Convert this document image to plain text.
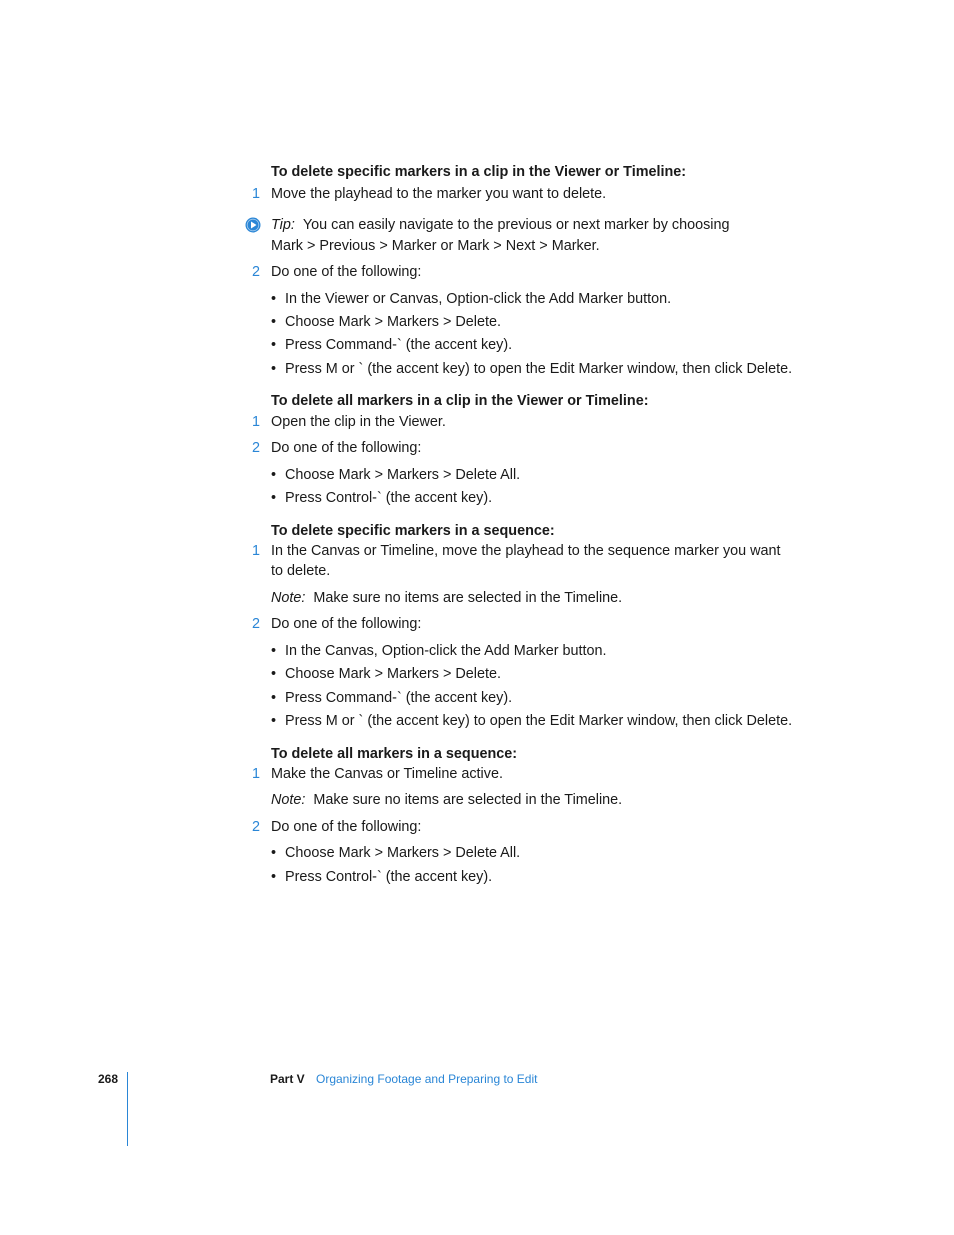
To delete specific markers in a clip in the Viewer or Timeline:
1 Move the playhead to the marker you want to delete.
Tip: You can easily navigate to the previous or next marker by choosing
Mark > Previous > Marker or Mark > Next > Marker.
2 Do one of the following:
• In the Viewer or Canvas, Option-click the Add Marker button.
• Choose Mark > Markers > Delete.
• Press Command-` (the accent key).
• Press M or ` (the accent key) to open the Edit Marker window, then click Delete.
To delete all markers in a clip in the Viewer or Timeline:
1 Open the clip in the Viewer.
2 Do one of the following:
• Choose Mark > Markers > Delete All.
• Press Control-` (the accent key).
To delete specific markers in a sequence:
1 In the Canvas or Timeline, move the playhead to the sequence marker you want
to delete.
Note: Make sure no items are selected in the Timeline.
2 Do one of the following:
• In the Canvas, Option-click the Add Marker button.
• Choose Mark > Markers > Delete.
• Press Command-` (the accent key).
• Press M or ` (the accent key) to open the Edit Marker window, then click Delete.
To delete all markers in a sequence:
1 Make the Canvas or Timeline active.
Note: Make sure no items are selected in the Timeline.
2 Do one of the following:
• Choose Mark > Markers > Delete All.
• Press Control-` (the accent key).
268	Part V Organizing Footage and Preparing to Edit
